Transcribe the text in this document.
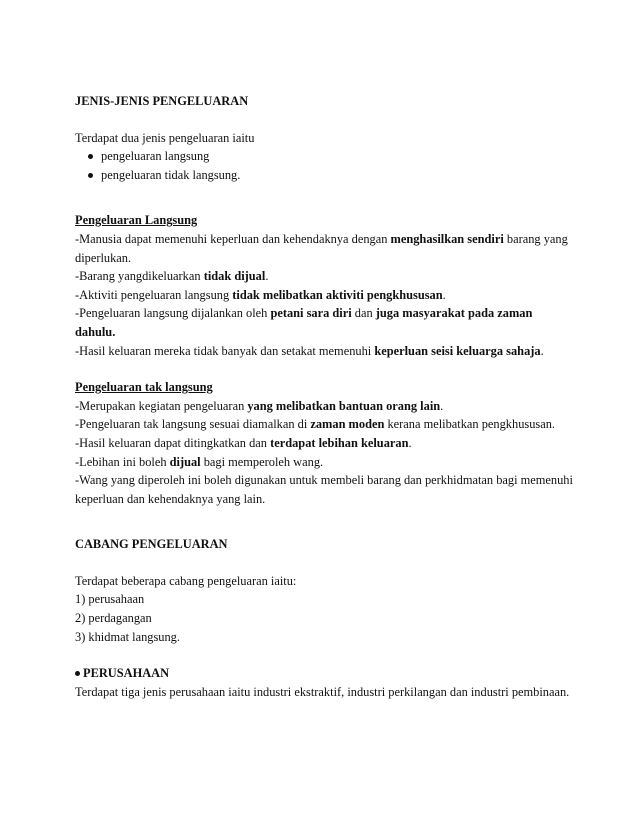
JENIS-JENIS PENGELUARAN

Terdapat dua jenis pengeluaran iaitu

pengeluaran langsung
pengeluaran tidak langsung.

Pengeluaran Langsung

-Manusia dapat memenuhi keperluan dan kehendaknya dengan menghasilkan sendiri barang yang diperlukan.

-Barang yangdikeluarkan tidak dijual.

-Aktiviti pengeluaran langsung tidak melibatkan aktiviti pengkhususan.

-Pengeluaran langsung dijalankan oleh petani sara diri dan juga masyarakat pada zaman dahulu.

-Hasil keluaran mereka tidak banyak dan setakat memenuhi keperluan seisi keluarga sahaja.

Pengeluaran tak langsung

-Merupakan kegiatan pengeluaran yang melibatkan bantuan orang lain.

-Pengeluaran tak langsung sesuai diamalkan di zaman moden kerana melibatkan pengkhususan.

-Hasil keluaran dapat ditingkatkan dan terdapat lebihan keluaran.

-Lebihan ini boleh dijual bagi memperoleh wang.

-Wang yang diperoleh ini boleh digunakan untuk membeli barang dan perkhidmatan bagi memenuhi keperluan dan kehendaknya yang lain.

CABANG PENGELUARAN

Terdapat beberapa cabang pengeluaran iaitu:

1) perusahaan

2) perdagangan

3) khidmat langsung.

PERUSAHAAN

Terdapat tiga jenis perusahaan iaitu industri ekstraktif, industri perkilangan dan industri pembinaan.
